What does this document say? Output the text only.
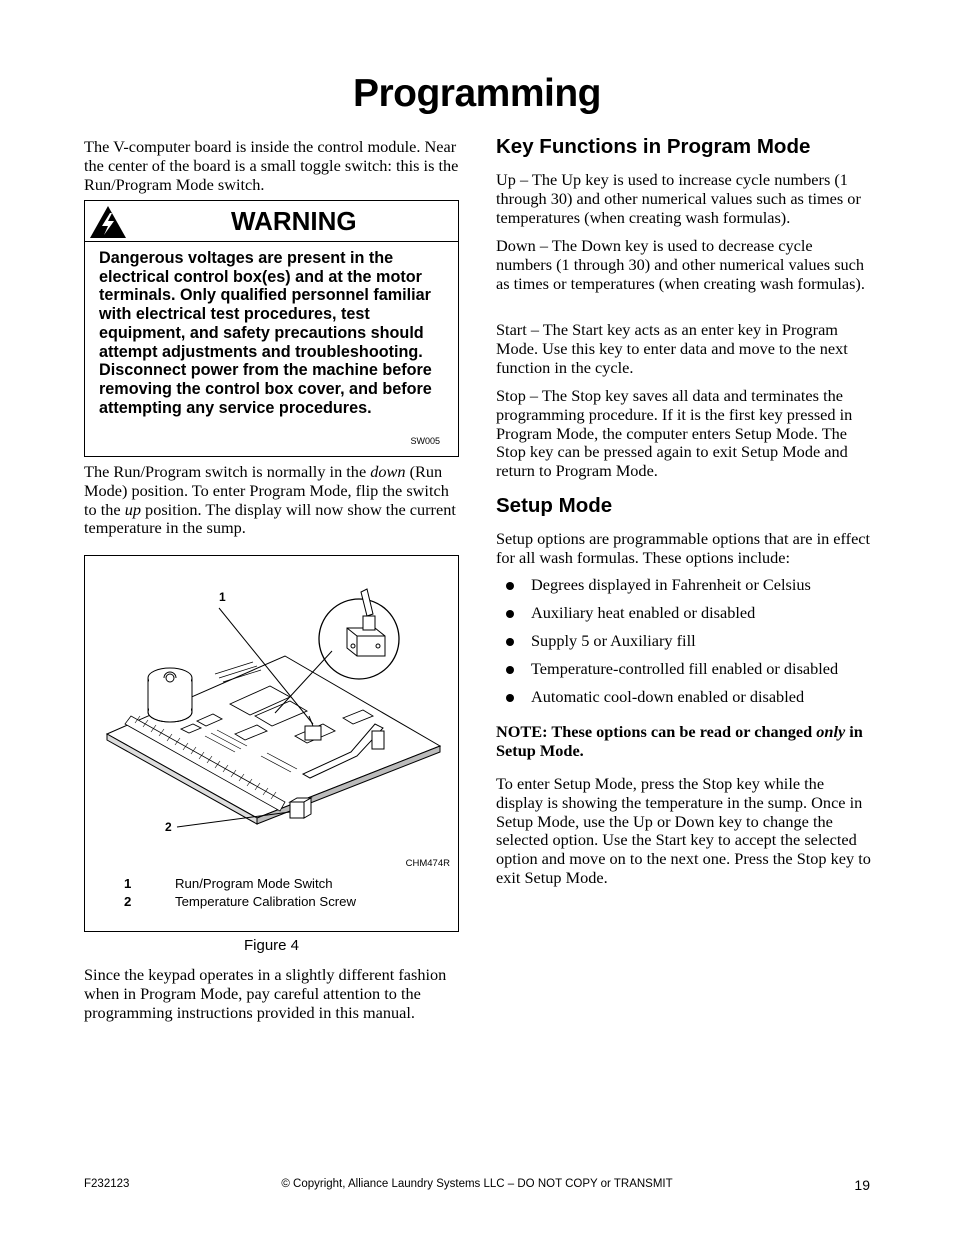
Programming

The V-computer board is inside the control module. Near the center of the board is a small toggle switch: this is the Run/Program Mode switch.

WARNING

Dangerous voltages are present in the electrical control box(es) and at the motor terminals. Only qualified personnel familiar with electrical test procedures, test equipment, and safety precautions should attempt adjustments and troubleshooting. Disconnect power from the machine before removing the control box cover, and before attempting any service procedures.

SW005

The Run/Program switch is normally in the down (Run Mode) position. To enter Program Mode, flip the switch to the up position. The display will now show the current temperature in the sump.

1
2
CHM474R
1	Run/Program Mode Switch
2	Temperature Calibration Screw
Figure 4

Since the keypad operates in a slightly different fashion when in Program Mode, pay careful attention to the programming instructions provided in this manual.

Key Functions in Program Mode

Up – The Up key is used to increase cycle numbers (1 through 30) and other numerical values such as times or temperatures (when creating wash formulas).

Down – The Down key is used to decrease cycle numbers (1 through 30) and other numerical values such as times or temperatures (when creating wash formulas).

Start – The Start key acts as an enter key in Program Mode. Use this key to enter data and move to the next function in the cycle.

Stop – The Stop key saves all data and terminates the programming procedure. If it is the first key pressed in Program Mode, the computer enters Setup Mode. The Stop key can be pressed again to exit Setup Mode and return to Program Mode.

Setup Mode

Setup options are programmable options that are in effect for all wash formulas. These options include:

Degrees displayed in Fahrenheit or Celsius
Auxiliary heat enabled or disabled
Supply 5 or Auxiliary fill
Temperature-controlled fill enabled or disabled
Automatic cool-down enabled or disabled

NOTE: These options can be read or changed only in Setup Mode.

To enter Setup Mode, press the Stop key while the display is showing the temperature in the sump. Once in Setup Mode, use the Up or Down key to change the selected option. Use the Start key to accept the selected option and move on to the next one. Press the Stop key to exit Setup Mode.

© Copyright, Alliance Laundry Systems LLC – DO NOT COPY or TRANSMIT
F232123	19
